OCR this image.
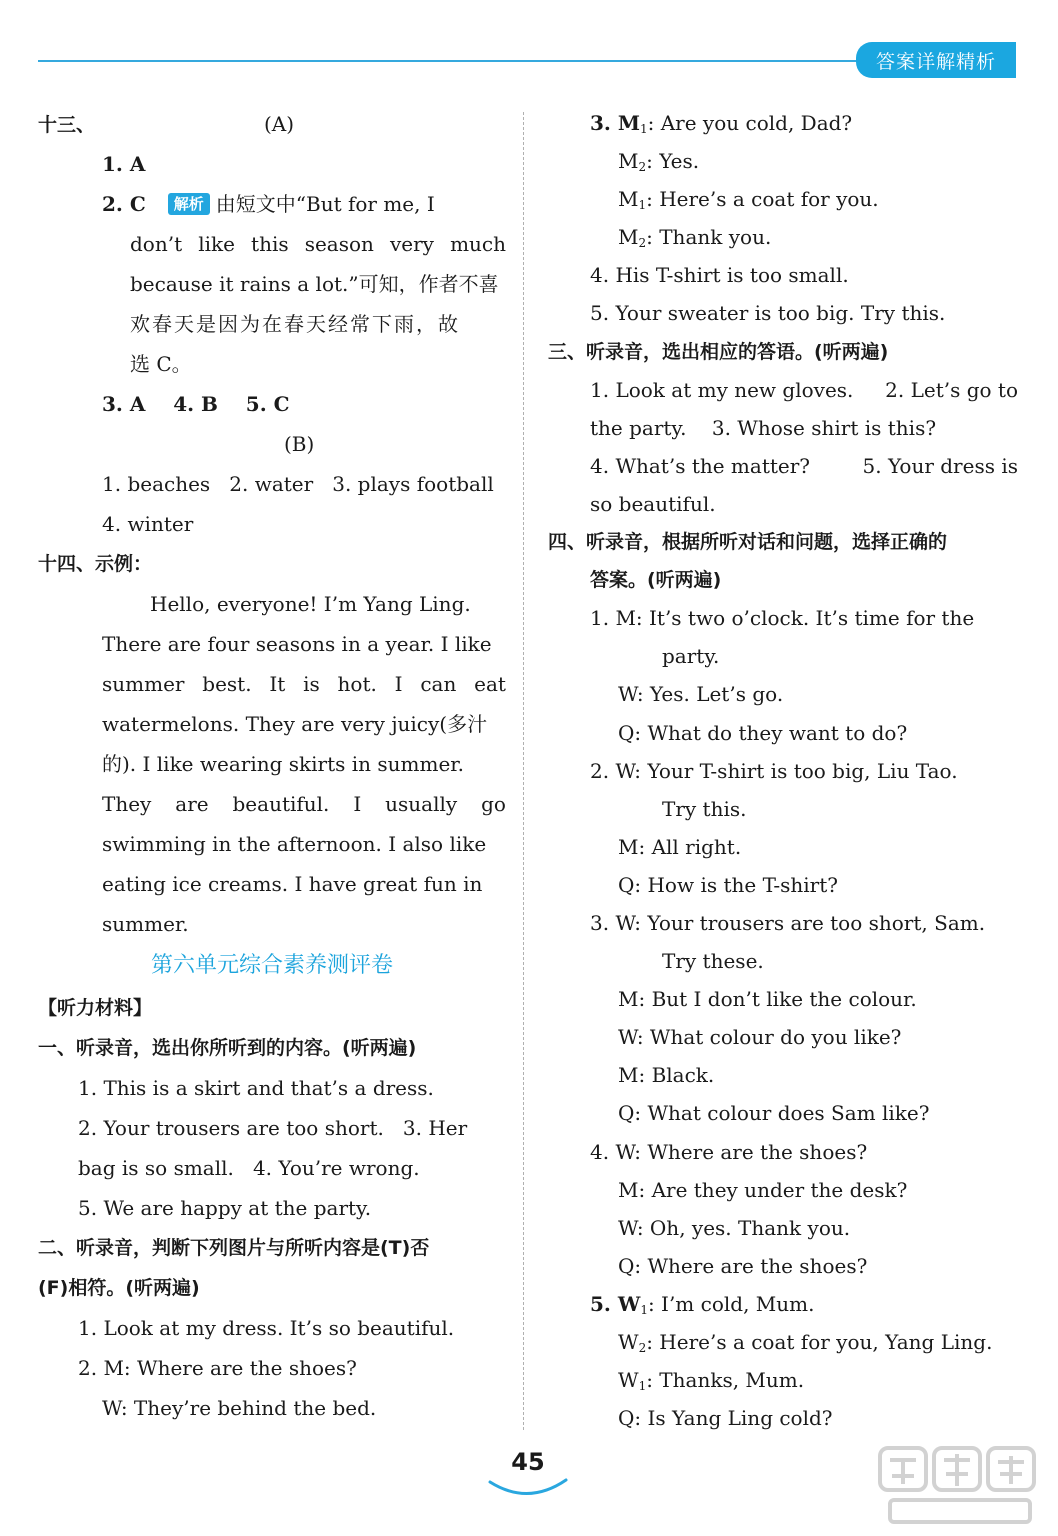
答案详解精析
十三、	(A)
1. A
2. C 解析 由短文中“But for me, I
don’t like this season very much
because it rains a lot.”可知，作者不喜
欢春天是因为在春天经常下雨，故
选 C。
3. A    4. B    5. C
(B)
1. beaches   2. water   3. plays football
4. winter
十四、示例：
Hello, everyone! I’m Yang Ling.
There are four seasons in a year. I like
summer best. It is hot. I can eat
watermelons. They are very juicy(多汁
的). I like wearing skirts in summer.
They are beautiful. I usually go
swimming in the afternoon. I also like
eating ice creams. I have great fun in
summer.
第六单元综合素养测评卷
【听力材料】
一、听录音，选出你所听到的内容。(听两遍)
1. This is a skirt and that’s a dress.
2. Your trousers are too short.   3. Her
bag is so small.   4. You’re wrong.
5. We are happy at the party.
二、听录音，判断下列图片与所听内容是(T)否
(F)相符。(听两遍)
1. Look at my dress. It’s so beautiful.
2. M: Where are the shoes?
W: They’re behind the bed.
3. $M_1$: Are you cold, Dad?
$M_2$: Yes.
$M_1$: Here’s a coat for you.
$M_2$: Thank you.
4. His T-shirt is too small.
5. Your sweater is too big. Try this.
三、听录音，选出相应的答语。(听两遍)
1. Look at my new gloves. 2. Let’s go to
the party.    3. Whose shirt is this?
4. What’s the matter?	5. Your dress is
so beautiful.
四、听录音，根据所听对话和问题，选择正确的
答案。(听两遍)
1. M: It’s two o’clock. It’s time for the
party.
W: Yes. Let’s go.
Q: What do they want to do?
2. W: Your T-shirt is too big, Liu Tao.
Try this.
M: All right.
Q: How is the T-shirt?
3. W: Your trousers are too short, Sam.
Try these.
M: But I don’t like the colour.
W: What colour do you like?
M: Black.
Q: What colour does Sam like?
4. W: Where are the shoes?
M: Are they under the desk?
W: Oh, yes. Thank you.
Q: Where are the shoes?
5. $W_1$: I’m cold, Mum.
$W_2$: Here’s a coat for you, Yang Ling.
$W_1$: Thanks, Mum.
Q: Is Yang Ling cold?
45
